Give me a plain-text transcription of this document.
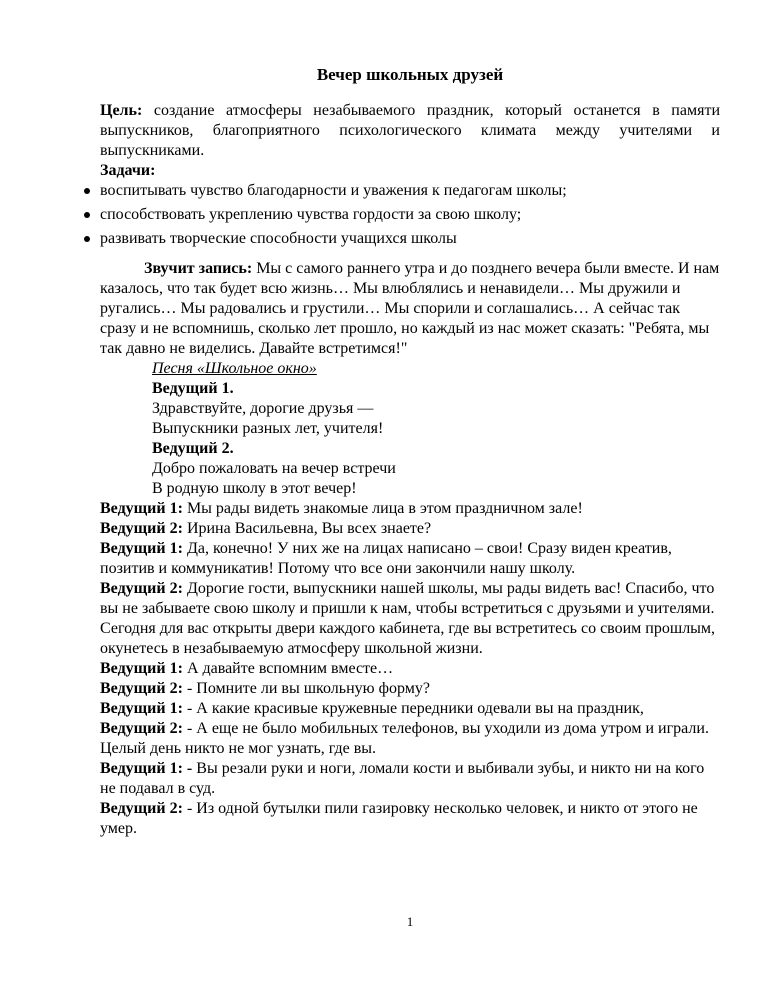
Вечер школьных друзей

Цель: создание атмосферы незабываемого праздник, который останется в памяти выпускников, благоприятного психологического климата между учителями и выпускниками.

Задачи:

воспитывать чувство благодарности и уважения к педагогам школы;
способствовать укреплению чувства гордости за свою школу;
развивать творческие способности учащихся школы

Звучит запись: Мы с самого раннего утра и до позднего вечера были вместе. И нам казалось, что так будет всю жизнь… Мы влюблялись и ненавидели… Мы дружили и ругались… Мы радовались и грустили… Мы спорили и соглашались… А сейчас так сразу и не вспомнишь, сколько лет прошло, но каждый из нас может сказать: "Ребята, мы так давно не виделись. Давайте встретимся!"

Песня «Школьное окно»

Ведущий 1.

Здравствуйте, дорогие друзья —

Выпускники разных лет, учителя!

Ведущий 2.

Добро пожаловать на вечер встречи

В родную школу в этот вечер!

Ведущий 1: Мы рады видеть знакомые лица в этом праздничном зале!

Ведущий 2: Ирина Васильевна, Вы всех знаете?

Ведущий 1: Да, конечно! У них же на лицах написано – свои! Сразу виден креатив, позитив и коммуникатив! Потому что все они закончили нашу школу.

Ведущий 2: Дорогие гости, выпускники нашей школы, мы рады видеть вас! Спасибо, что вы не забываете свою школу и пришли к нам, чтобы встретиться с друзьями и учителями. Сегодня для вас открыты двери каждого кабинета, где вы встретитесь со своим прошлым, окунетесь в незабываемую атмосферу школьной жизни.

Ведущий 1: А давайте вспомним вместе…

Ведущий 2: - Помните ли вы школьную форму?

Ведущий 1: - А какие красивые кружевные передники одевали вы на праздник,

Ведущий 2: - А еще не было мобильных телефонов, вы уходили из дома утром и играли. Целый день никто не мог узнать, где вы.

Ведущий 1: - Вы резали руки и ноги, ломали кости и выбивали зубы, и никто ни на кого не подавал в суд.

Ведущий 2: - Из одной бутылки пили газировку несколько человек, и никто от этого не умер.

1
